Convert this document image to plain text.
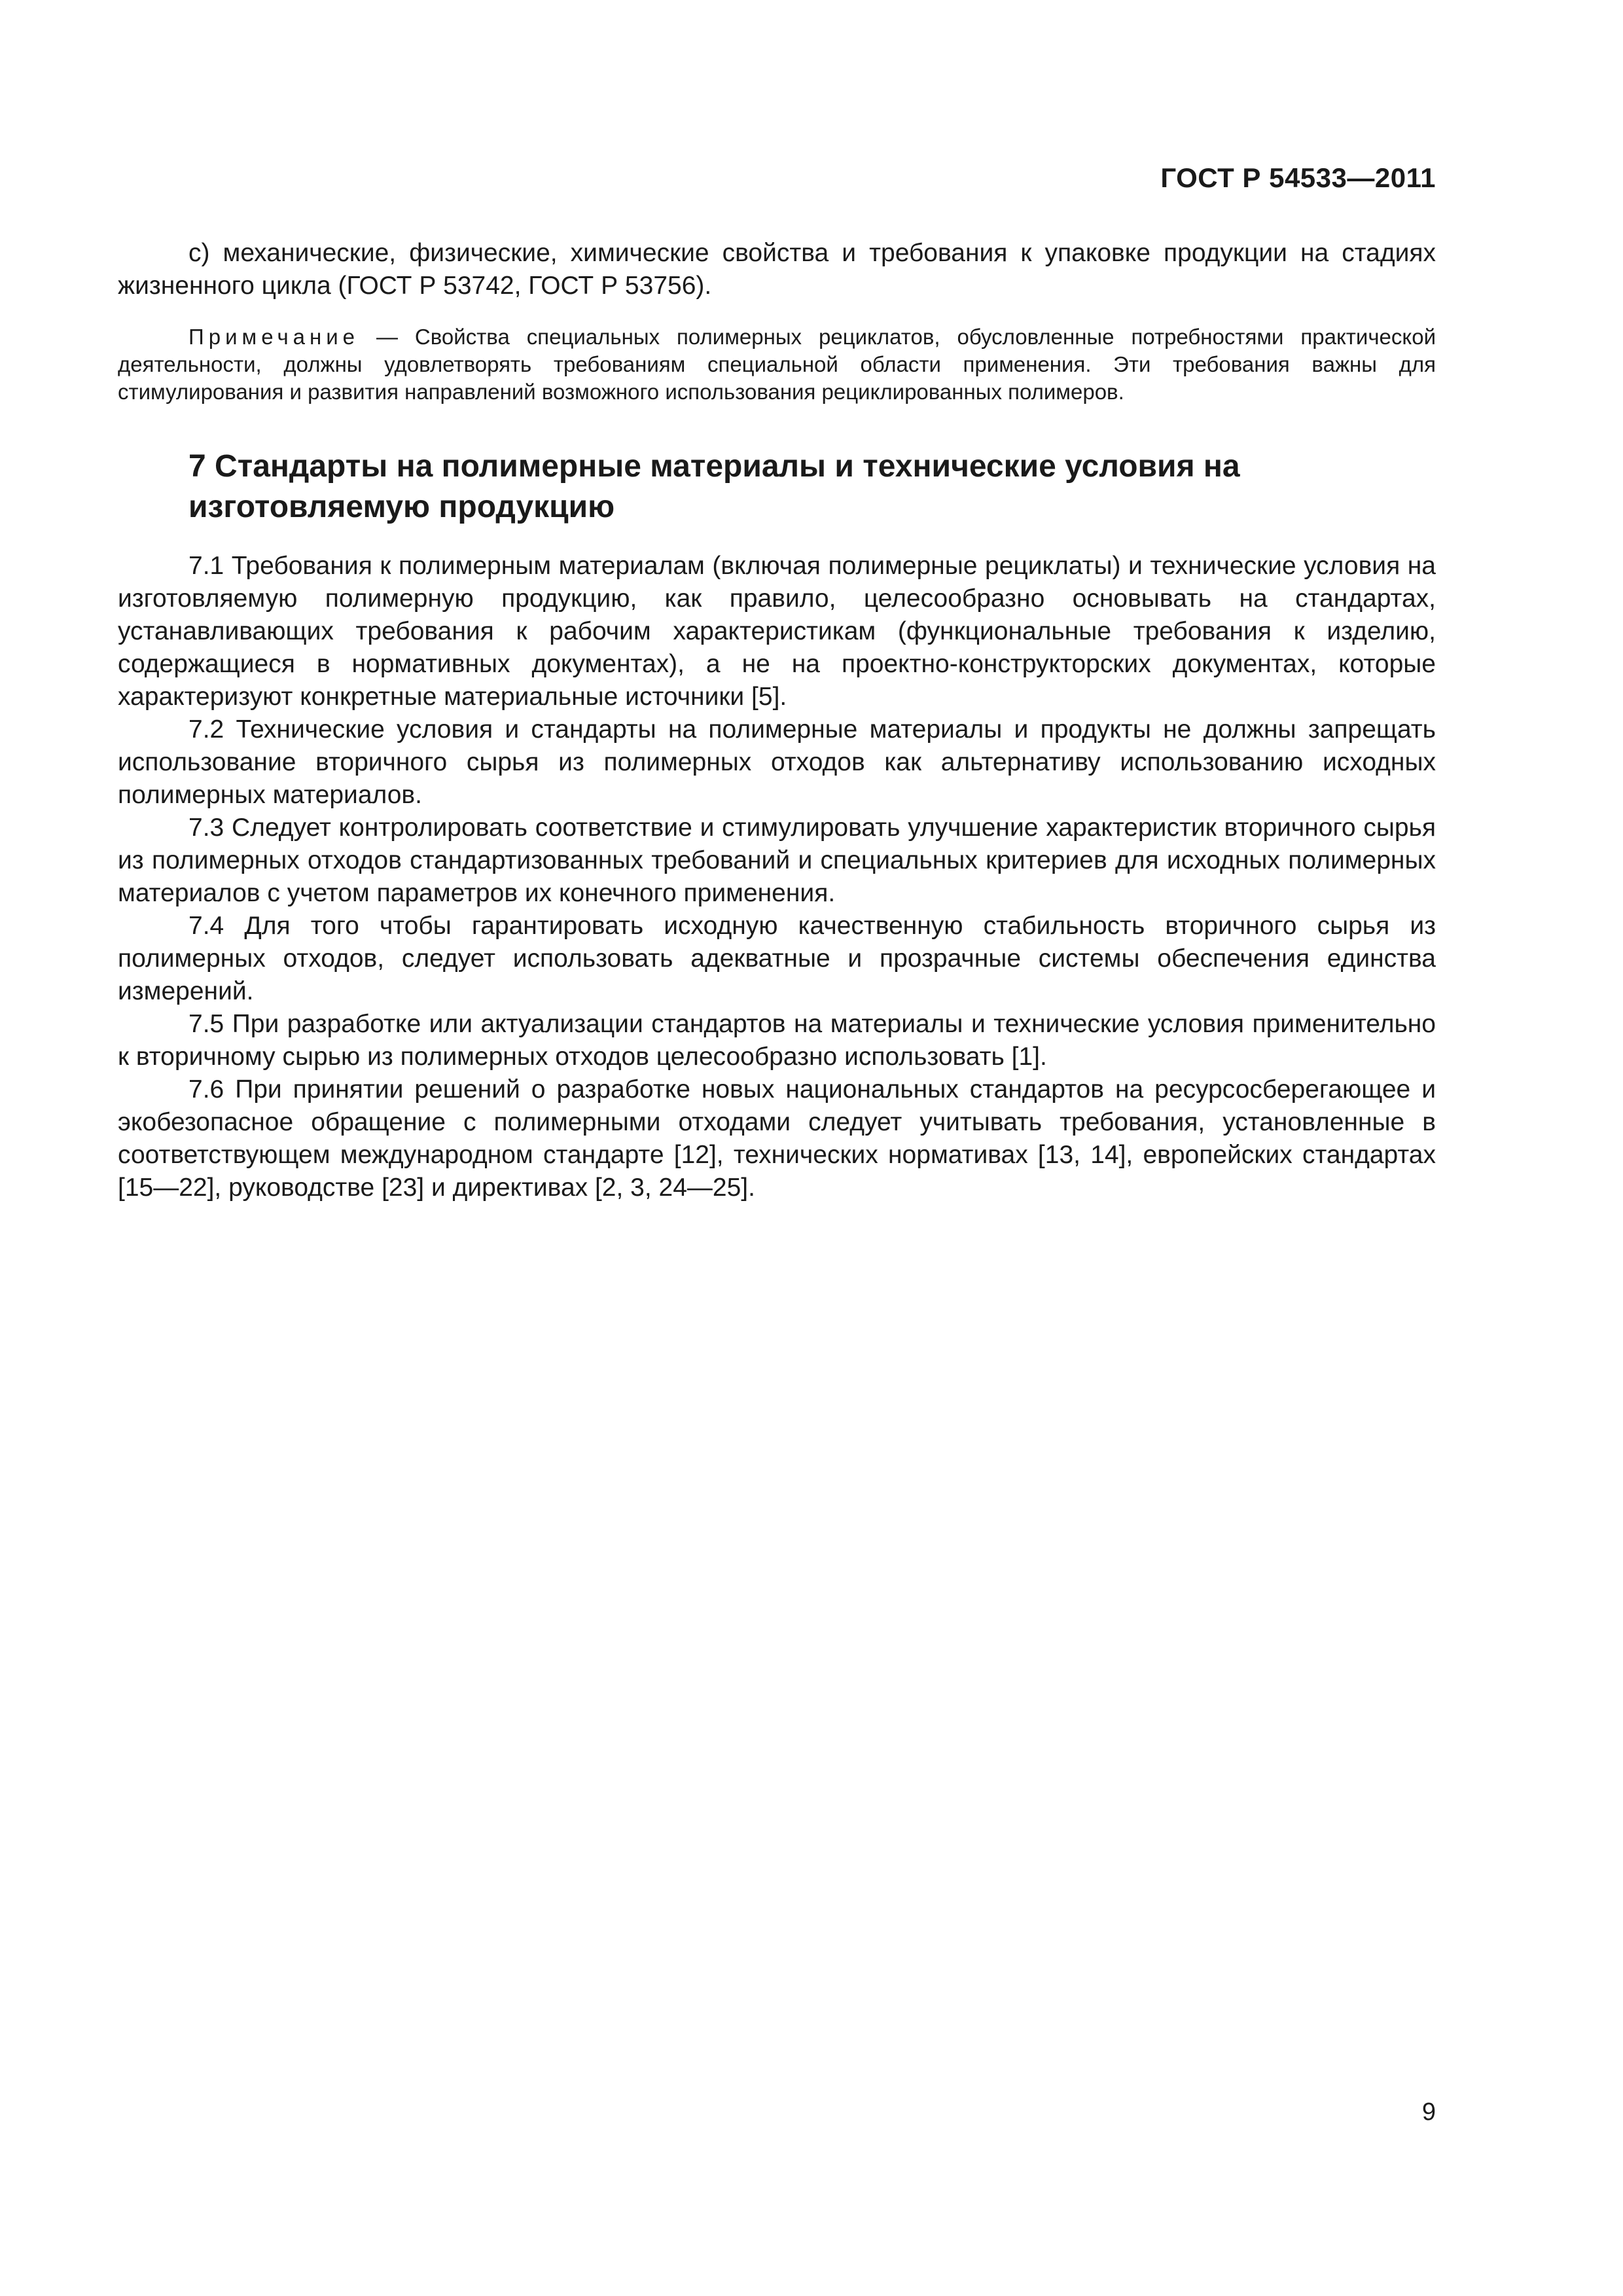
ГОСТ Р 54533—2011

c) механические, физические, химические свойства и требования к упаковке продукции на стадиях жизненного цикла (ГОСТ Р 53742, ГОСТ Р 53756).

Примечание — Свойства специальных полимерных рециклатов, обусловленные потребностями практической деятельности, должны удовлетворять требованиям специальной области применения. Эти требования важны для стимулирования и развития направлений возможного использования рециклированных полимеров.

7 Стандарты на полимерные материалы и технические условия на изготовляемую продукцию

7.1 Требования к полимерным материалам (включая полимерные рециклаты) и технические условия на изготовляемую полимерную продукцию, как правило, целесообразно основывать на стандартах, устанавливающих требования к рабочим характеристикам (функциональные требования к изделию, содержащиеся в нормативных документах), а не на проектно-конструкторских документах, которые характеризуют конкретные материальные источники [5].

7.2 Технические условия и стандарты на полимерные материалы и продукты не должны запрещать использование вторичного сырья из полимерных отходов как альтернативу использованию исходных полимерных материалов.

7.3 Следует контролировать соответствие и стимулировать улучшение характеристик вторичного сырья из полимерных отходов стандартизованных требований и специальных критериев для исходных полимерных материалов с учетом параметров их конечного применения.

7.4 Для того чтобы гарантировать исходную качественную стабильность вторичного сырья из полимерных отходов, следует использовать адекватные и прозрачные системы обеспечения единства измерений.

7.5 При разработке или актуализации стандартов на материалы и технические условия применительно к вторичному сырью из полимерных отходов целесообразно использовать [1].

7.6 При принятии решений о разработке новых национальных стандартов на ресурсосберегающее и экобезопасное обращение с полимерными отходами следует учитывать требования, установленные в соответствующем международном стандарте [12], технических нормативах [13, 14], европейских стандартах [15—22], руководстве [23] и директивах [2, 3, 24—25].

9
